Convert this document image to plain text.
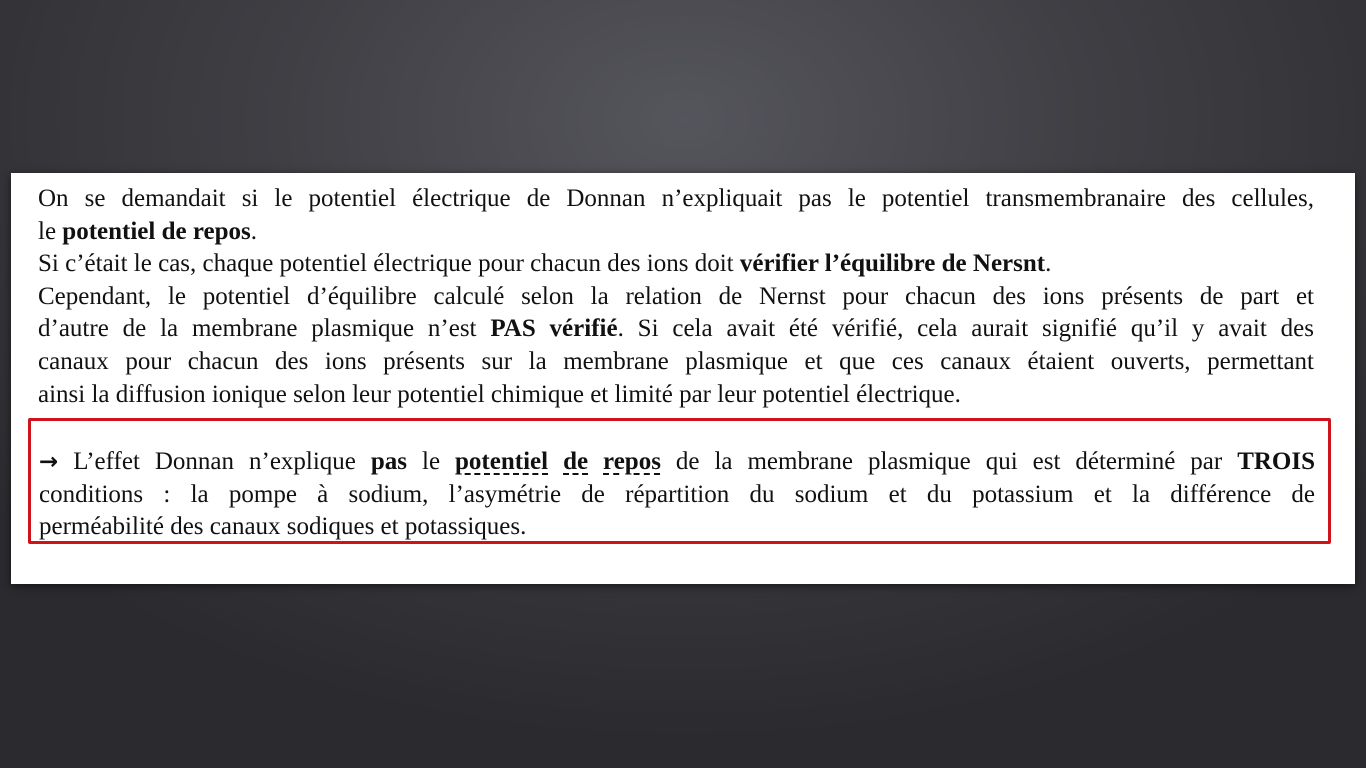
On se demandait si le potentiel électrique de Donnan n’expliquait pas le potentiel transmembranaire des cellules,
le potentiel de repos.
Si c’était le cas, chaque potentiel électrique pour chacun des ions doit vérifier l’équilibre de Nersnt.
Cependant, le potentiel d’équilibre calculé selon la relation de Nernst pour chacun des ions présents de part et
d’autre de la membrane plasmique n’est PAS vérifié. Si cela avait été vérifié, cela aurait signifié qu’il y avait des
canaux pour chacun des ions présents sur la membrane plasmique et que ces canaux étaient ouverts, permettant
ainsi la diffusion ionique selon leur potentiel chimique et limité par leur potentiel électrique.
→ L’effet Donnan n’explique pas le potentiel de repos de la membrane plasmique qui est déterminé par TROIS
conditions : la pompe à sodium, l’asymétrie de répartition du sodium et du potassium et la différence de
perméabilité des canaux sodiques et potassiques.
